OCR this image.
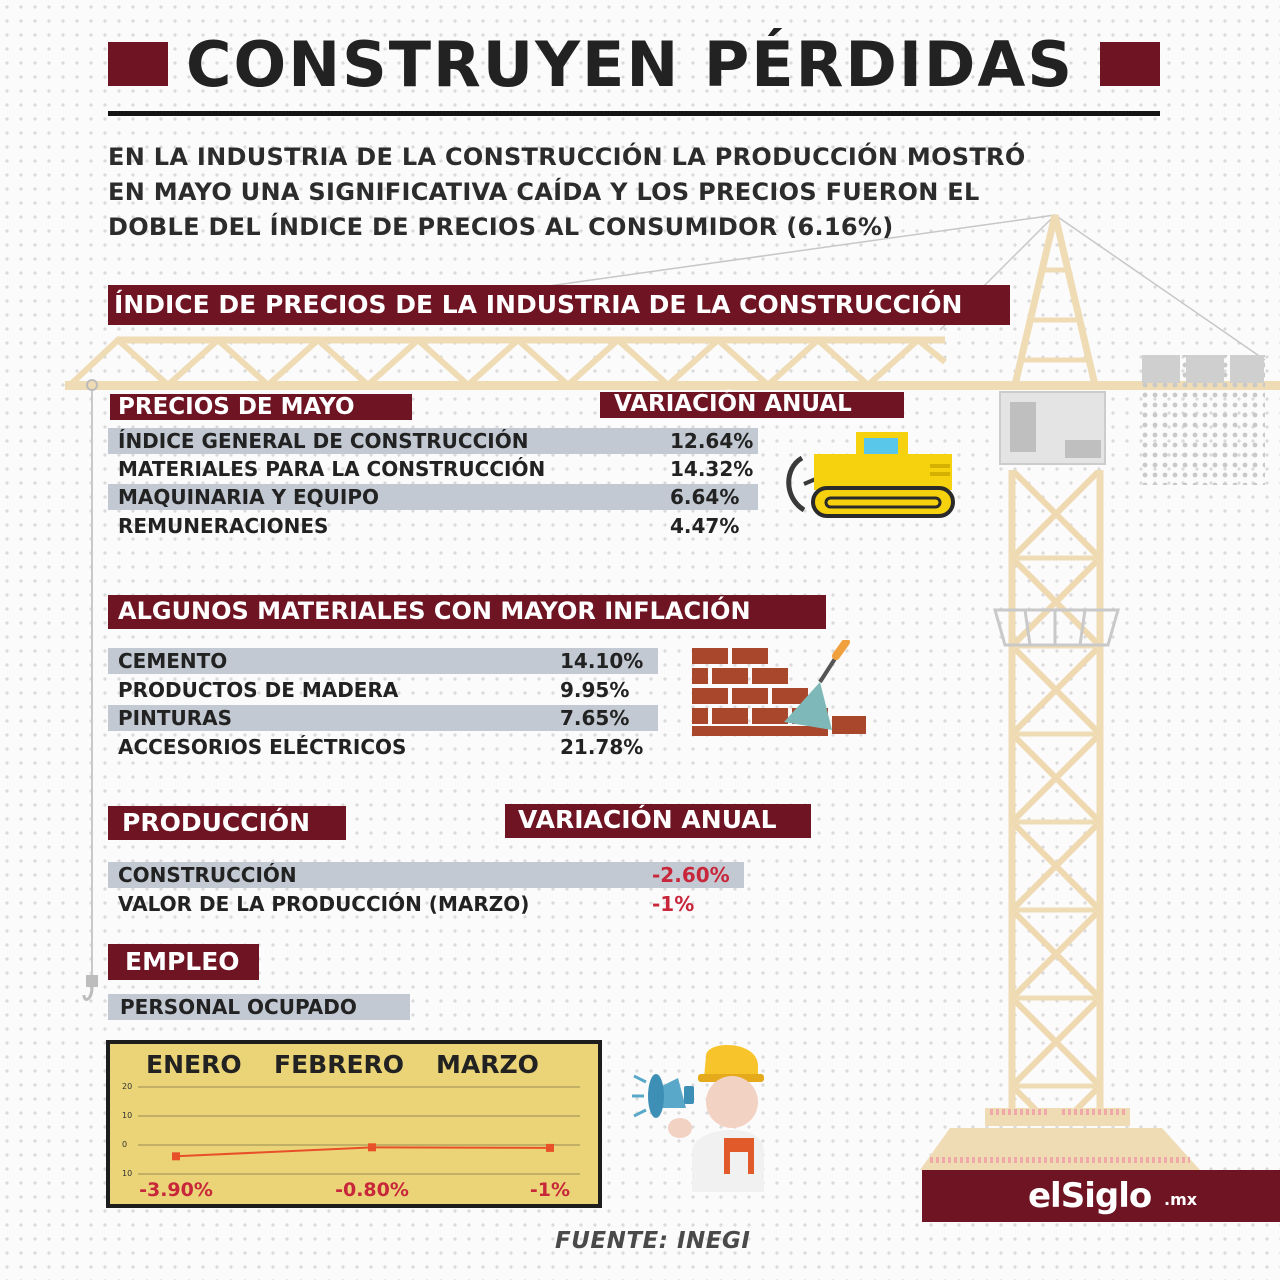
CONSTRUYEN PÉRDIDAS
EN LA INDUSTRIA DE LA CONSTRUCCIÓN LA PRODUCCIÓN MOSTRÓ
EN MAYO UNA SIGNIFICATIVA CAÍDA Y LOS PRECIOS FUERON EL
DOBLE DEL ÍNDICE DE PRECIOS AL CONSUMIDOR (6.16%)
ÍNDICE DE PRECIOS DE LA INDUSTRIA DE LA CONSTRUCCIÓN
PRECIOS DE MAYO	VARIACIÓN ANUAL
ÍNDICE GENERAL DE CONSTRUCCIÓN	12.64%
MATERIALES PARA LA CONSTRUCCIÓN	14.32%
MAQUINARIA Y EQUIPO	6.64%
REMUNERACIONES	4.47%
ALGUNOS MATERIALES CON MAYOR INFLACIÓN
CEMENTO	14.10%
PRODUCTOS DE MADERA	9.95%
PINTURAS	7.65%
ACCESORIOS ELÉCTRICOS	21.78%
PRODUCCIÓN	VARIACIÓN ANUAL
CONSTRUCCIÓN	-2.60%
VALOR DE LA PRODUCCIÓN (MARZO)	-1%
EMPLEO
PERSONAL OCUPADO
ENERO FEBRERO MARZO
20
10
0
10
-3.90%	-0.80%	-1%
FUENTE: INEGI
elSiglo .mx
